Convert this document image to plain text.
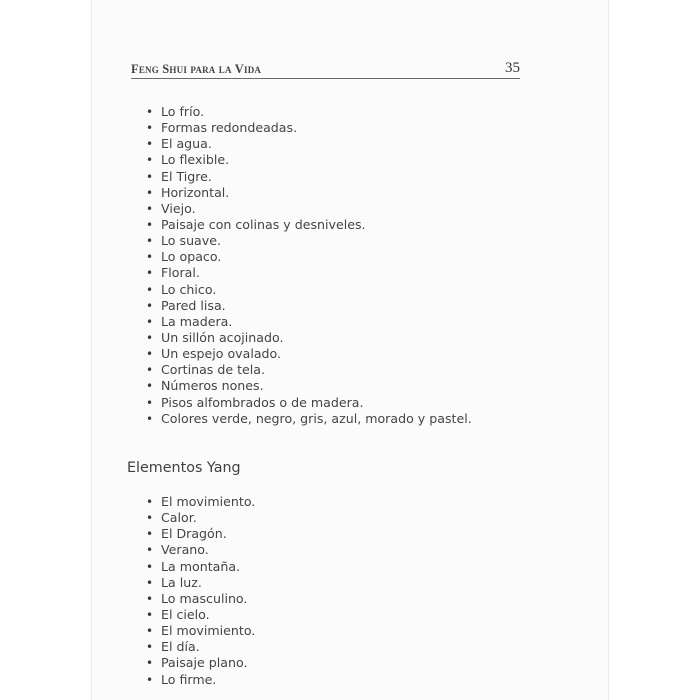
Feng Shui para la Vida	35
• Lo frío.
• Formas redondeadas.
• El agua.
• Lo flexible.
• El Tigre.
• Horizontal.
• Viejo.
• Paisaje con colinas y desniveles.
• Lo suave.
• Lo opaco.
• Floral.
• Lo chico.
• Pared lisa.
• La madera.
• Un sillón acojinado.
• Un espejo ovalado.
• Cortinas de tela.
• Números nones.
• Pisos alfombrados o de madera.
• Colores verde, negro, gris, azul, morado y pastel.
Elementos Yang
• El movimiento.
• Calor.
• El Dragón.
• Verano.
• La montaña.
• La luz.
• Lo masculino.
• El cielo.
• El movimiento.
• El día.
• Paisaje plano.
• Lo firme.
